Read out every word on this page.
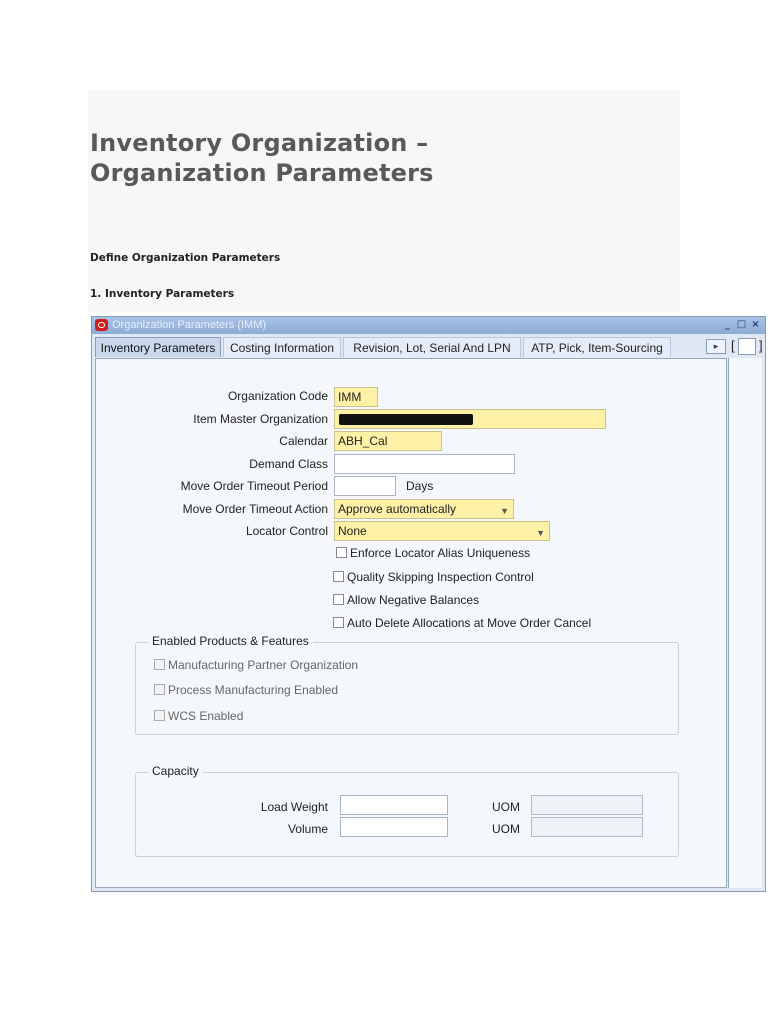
Inventory Organization –
Organization Parameters

Define Organization Parameters

1. Inventory Parameters

Organization Parameters (IMM)	_ □ ×
Inventory Parameters	Costing Information	Revision, Lot, Serial And LPN	ATP, Pick, Item-Sourcing	▸ [ ]
Organization Code IMM
Item Master Organization
Calendar ABH_Cal
Demand Class
Move Order Timeout Period	Days
Move Order Timeout Action Approve automatically	▼
Locator Control None	▼
Enforce Locator Alias Uniqueness
Quality Skipping Inspection Control
Allow Negative Balances
Auto Delete Allocations at Move Order Cancel
Enabled Products & Features
Manufacturing Partner Organization
Process Manufacturing Enabled
WCS Enabled
Capacity
Load Weight	UOM
Volume	UOM
